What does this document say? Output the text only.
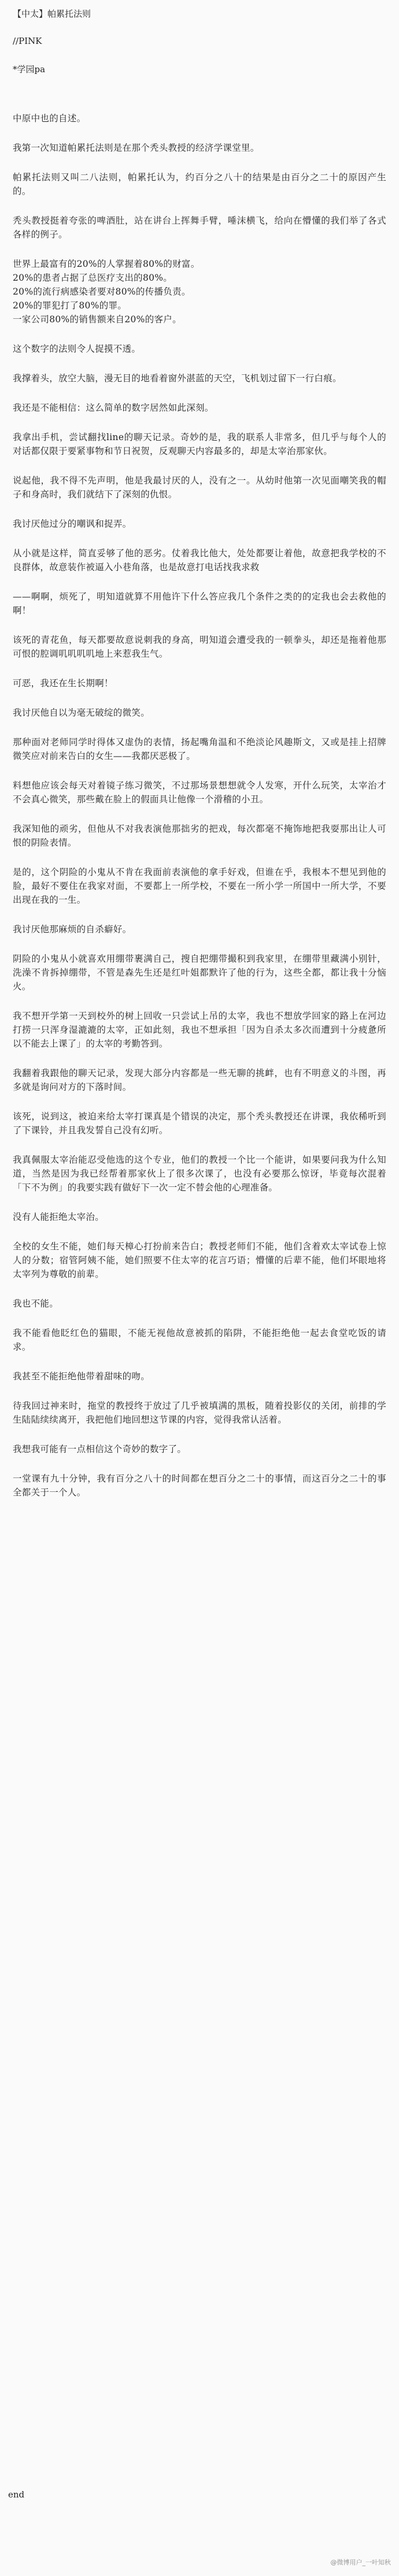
【中太】帕累托法则
//PINK
*学园pa

中原中也的自述。

我第一次知道帕累托法则是在那个秃头教授的经济学课堂里。

帕累托法则又叫二八法则，帕累托认为，约百分之八十的结果是由百分之二十的原因产生的。

秃头教授挺着夸张的啤酒肚，站在讲台上挥舞手臂，唾沫横飞，给向在懵懂的我们举了各式各样的例子。

世界上最富有的20%的人掌握着80%的财富。

20%的患者占据了总医疗支出的80%。

20%的流行病感染者要对80%的传播负责。

20%的罪犯打了80%的罪。

一家公司80%的销售额来自20%的客户。

这个数字的法则令人捉摸不透。

我撑着头，放空大脑，漫无目的地看着窗外湛蓝的天空，飞机划过留下一行白痕。

我还是不能相信：这么简单的数字居然如此深刻。

我拿出手机，尝试翻找line的聊天记录。奇妙的是，我的联系人非常多，但几乎与每个人的对话都仅限于要紧事物和节日祝贺，反观聊天内容最多的，却是太宰治那家伙。

说起他，我不得不先声明，他是我最讨厌的人，没有之一。从幼时他第一次见面嘲笑我的帽子和身高时，我们就结下了深刻的仇恨。

我讨厌他过分的嘲讽和捉弄。

从小就是这样，简直妥够了他的恶劣。仗着我比他大，处处都要让着他，故意把我学校的不良群体，故意装作被逼入小巷角落，也是故意打电话找我求救

——啊啊，烦死了，明知道就算不用他许下什么答应我几个条件之类的的定我也会去救他的啊！

该死的青花鱼，每天都要故意说刺我的身高，明知道会遭受我的一顿拳头，却还是拖着他那可恨的腔调叽叽叽叽地上来惹我生气。

可恶，我还在生长期啊！

我讨厌他自以为毫无破绽的微笑。

那种面对老师同学时得体又虚伪的表情，扬起嘴角温和不绝淡论风趣斯文，又或是挂上招牌微笑应对前来告白的女生——我都厌恶极了。

料想他应该会每天对着镜子练习微笑，不过那场景想想就令人发寒，开什么玩笑，太宰治才不会真心微笑，那些戴在脸上的假面具让他像一个滑稽的小丑。

我深知他的顽劣，但他从不对我表演他那拙劣的把戏，每次都毫不掩饰地把我耍那出让人可恨的阴险表情。

是的，这个阴险的小鬼从不肯在我面前表演他的拿手好戏，但谁在乎，我根本不想见到他的脸，最好不要住在我家对面，不要都上一所学校，不要在一所小学一所国中一所大学，不要出现在我的一生。

我讨厌他那麻烦的自杀癖好。

阴险的小鬼从小就喜欢用绷带裹满自己，搜自把绷带撮积到我家里，在绷带里藏满小别针，洗澡不肯拆掉绷带，不管是森先生还是红叶姐都默许了他的行为，这些全都，都让我十分恼火。

我不想开学第一天到校外的树上回收一只尝试上吊的太宰，我也不想放学回家的路上在河边打捞一只浑身湿漉漉的太宰，正如此刻，我也不想承担「因为自杀太多次而遭到十分疲惫所以不能去上课了」的太宰的考勤答到。

我翻着我跟他的聊天记录，发现大部分内容都是一些无聊的挑衅，也有不明意义的斗图，再多就是询问对方的下落时间。

该死，说到这，被迫来给太宰打课真是个错误的决定，那个秃头教授还在讲课，我依稀听到了下课铃，并且我发誓自己没有幻听。

我真佩服太宰治能忍受他选的这个专业，他们的教授一个比一个能讲，如果要问我为什么知道，当然是因为我已经帮着那家伙上了很多次课了，也没有必要那么惊讶，毕竟每次混着「下不为例」的我要实践有做好下一次一定不替会他的心理准备。

没有人能拒绝太宰治。

全校的女生不能，她们每天樟心打扮前来告白；教授老师们不能，他们含着欢太宰试卷上惊人的分数；宿管阿姨不能，她们照要不住太宰的花言巧语；懵懂的后辈不能，他们坏眼地将太宰列为尊敬的前辈。

我也不能。

我不能看他眨红色的猫眼，不能无视他故意被抓的陷阱，不能拒绝他一起去食堂吃饭的请求。

我甚至不能拒绝他带着甜味的吻。

待我回过神来时，拖堂的教授终于放过了几乎被填满的黑板，随着投影仪的关闭，前排的学生陆陆续续离开，我把他们地回想这节课的内容，觉得我常认活着。

我想我可能有一点相信这个奇妙的数字了。

一堂课有九十分钟，我有百分之八十的时间都在想百分之二十的事情，而这百分之二十的事全都关于一个人。

end
@微博用户_一叶知秋
